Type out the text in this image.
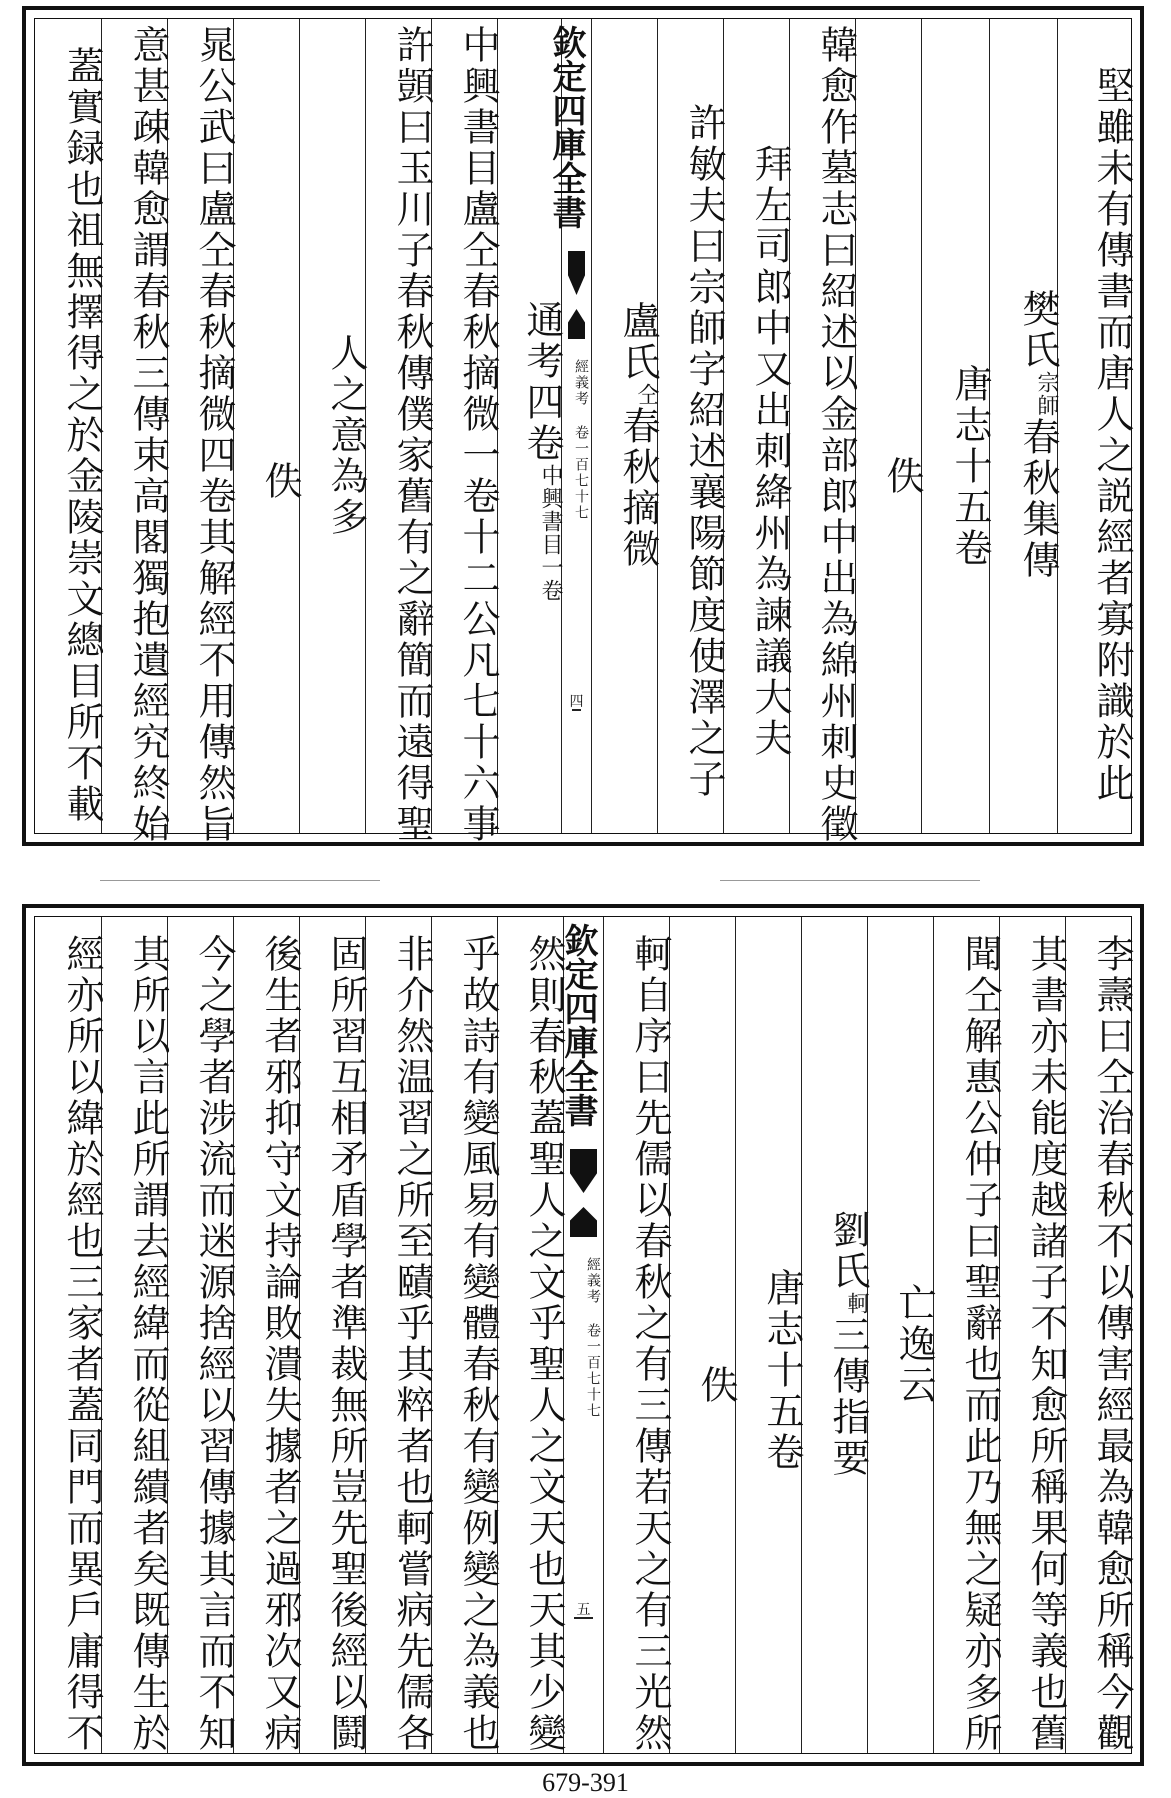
堅雖未有傳書而唐人之説經者寡附識於此
樊氏
宗師
春秋集傳
唐志十五卷
佚
韓愈作墓志曰紹述以金部郎中出為綿州刺史徵
拜左司郎中又出刺絳州為諫議大夫
許敏夫曰宗師字紹述襄陽節度使澤之子
盧氏
仝
春秋摘微
欽定四庫全書
經義考 卷一百七十七
四
通考四卷
中興書目一卷
中興書目盧仝春秋摘微一卷十二公凡七十六事
許顗曰玉川子春秋傳僕家舊有之辭簡而遠得聖
人之意為多
佚
晁公武曰盧仝春秋摘微四卷其解經不用傳然旨
意甚疎韓愈謂春秋三傳束高閣獨抱遺經究終始
蓋實録也祖無擇得之於金陵崇文總目所不載
李燾曰仝治春秋不以傳害經最為韓愈所稱今觀
其書亦未能度越諸子不知愈所稱果何等義也舊
聞仝解惠公仲子曰聖辭也而此乃無之疑亦多所
亡逸云
劉氏
軻
三傳指要
唐志十五卷
佚
軻自序曰先儒以春秋之有三傳若天之有三光然
欽定四庫全書
經義考 卷一百七十七
五
然則春秋蓋聖人之文乎聖人之文天也天其少變
乎故詩有變風易有變體春秋有變例變之為義也
非介然温習之所至賾乎其粹者也軻嘗病先儒各
固所習互相矛盾學者準裁無所豈先聖後經以鬪
後生者邪抑守文持論敗潰失據者之過邪次又病
今之學者涉流而迷源捨經以習傳據其言而不知
其所以言此所謂去經緯而從組繢者矣既傳生於
經亦所以緯於經也三家者蓋同門而異戶庸得不
679-391
